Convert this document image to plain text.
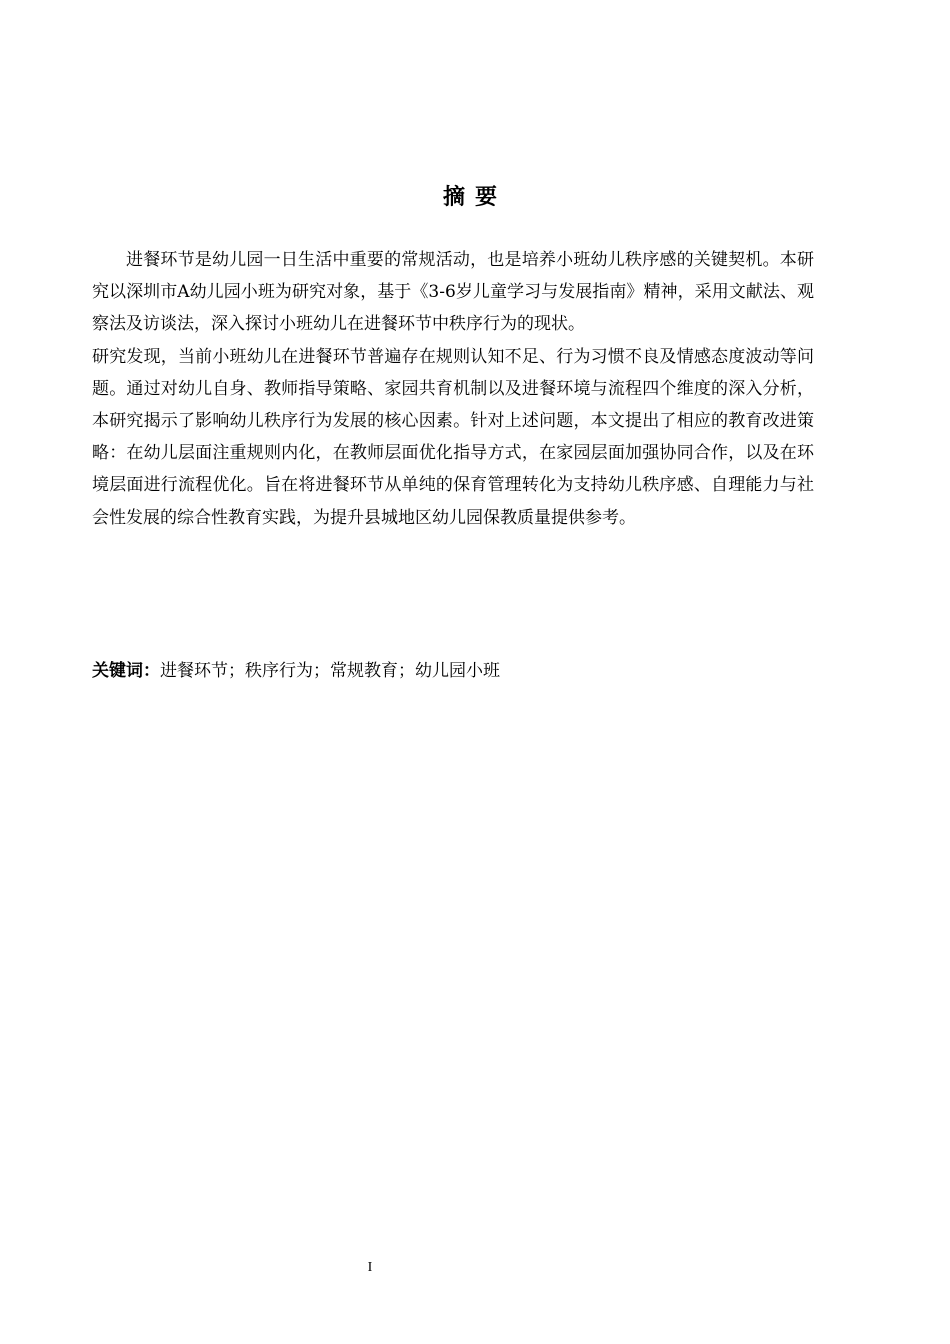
摘要

进餐环节是幼儿园一日生活中重要的常规活动，也是培养小班幼儿秩序感的关键契机。本研究以深圳市A幼儿园小班为研究对象，基于《3-6岁儿童学习与发展指南》精神，采用文献法、观察法及访谈法，深入探讨小班幼儿在进餐环节中秩序行为的现状。

研究发现，当前小班幼儿在进餐环节普遍存在规则认知不足、行为习惯不良及情感态度波动等问题。通过对幼儿自身、教师指导策略、家园共育机制以及进餐环境与流程四个维度的深入分析，本研究揭示了影响幼儿秩序行为发展的核心因素。针对上述问题，本文提出了相应的教育改进策略：在幼儿层面注重规则内化，在教师层面优化指导方式，在家园层面加强协同合作，以及在环境层面进行流程优化。旨在将进餐环节从单纯的保育管理转化为支持幼儿秩序感、自理能力与社会性发展的综合性教育实践，为提升县城地区幼儿园保教质量提供参考。

关键词：进餐环节；秩序行为；常规教育；幼儿园小班
I
